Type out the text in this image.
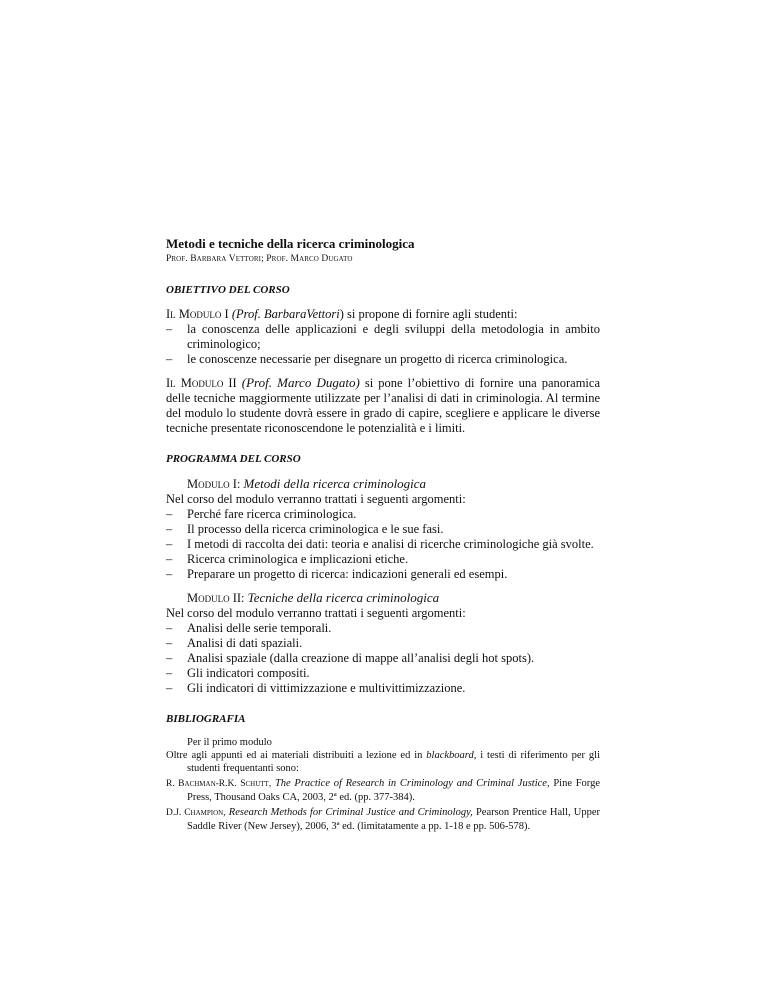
Metodi e tecniche della ricerca criminologica
Prof. Barbara Vettori; Prof. Marco Dugato
OBIETTIVO DEL CORSO

Il Modulo I (Prof. BarbaraVettori) si propone di fornire agli studenti:

– la conoscenza delle applicazioni e degli sviluppi della metodologia in ambito criminologico;
– le conoscenze necessarie per disegnare un progetto di ricerca criminologica.

Il Modulo II (Prof. Marco Dugato) si pone l’obiettivo di fornire una panoramica delle tecniche maggiormente utilizzate per l’analisi di dati in criminologia. Al termine del modulo lo studente dovrà essere in grado di capire, scegliere e applicare le diverse tecniche presentate riconoscendone le potenzialità e i limiti.

PROGRAMMA DEL CORSO
Modulo I: Metodi della ricerca criminologica

Nel corso del modulo verranno trattati i seguenti argomenti:

– Perché fare ricerca criminologica.
– Il processo della ricerca criminologica e le sue fasi.
– I metodi di raccolta dei dati: teoria e analisi di ricerche criminologiche già svolte.
– Ricerca criminologica e implicazioni etiche.
– Preparare un progetto di ricerca: indicazioni generali ed esempi.
Modulo II: Tecniche della ricerca criminologica

Nel corso del modulo verranno trattati i seguenti argomenti:

– Analisi delle serie temporali.
– Analisi di dati spaziali.
– Analisi spaziale (dalla creazione di mappe all’analisi degli hot spots).
– Gli indicatori compositi.
– Gli indicatori di vittimizzazione e multivittimizzazione.
BIBLIOGRAFIA
Per il primo modulo
Oltre agli appunti ed ai materiali distribuiti a lezione ed in blackboard, i testi di riferimento per gli studenti frequentanti sono:
R. Bachman-R.K. Schutt, The Practice of Research in Criminology and Criminal Justice, Pine Forge Press, Thousand Oaks CA, 2003, 2ª ed. (pp. 377-384).
D.J. Champion, Research Methods for Criminal Justice and Criminology, Pearson Prentice Hall, Upper Saddle River (New Jersey), 2006, 3ª ed. (limitatamente a pp. 1-18 e pp. 506-578).
